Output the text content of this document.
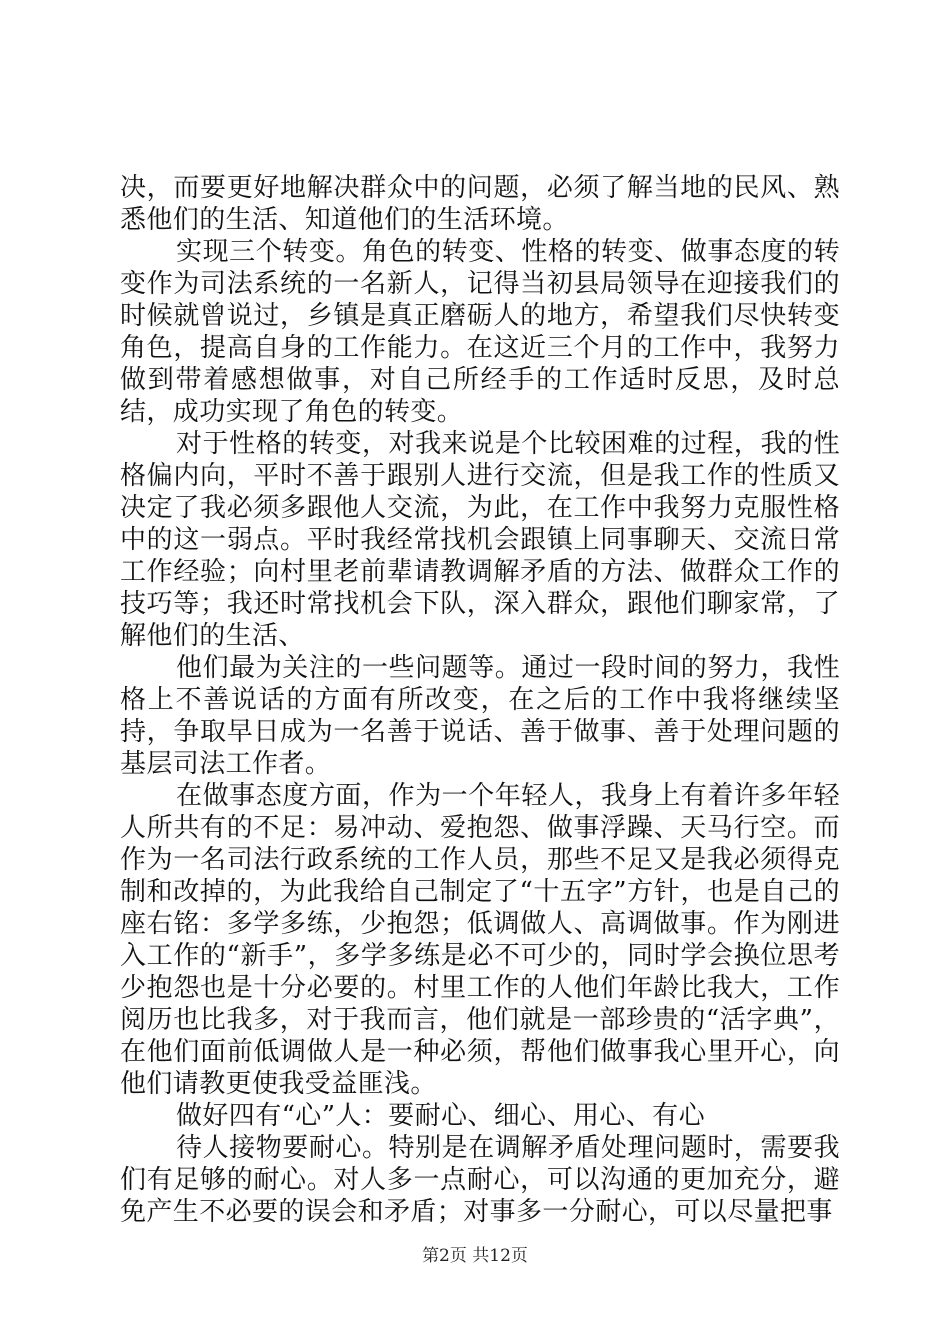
决，而要更好地解决群众中的问题，必须了解当地的民风、熟悉他们的生活、知道他们的生活环境。

实现三个转变。角色的转变、性格的转变、做事态度的转变作为司法系统的一名新人，记得当初县局领导在迎接我们的时候就曾说过，乡镇是真正磨砺人的地方，希望我们尽快转变角色，提高自身的工作能力。在这近三个月的工作中，我努力做到带着感想做事，对自己所经手的工作适时反思，及时总结，成功实现了角色的转变。

对于性格的转变，对我来说是个比较困难的过程，我的性格偏内向，平时不善于跟别人进行交流，但是我工作的性质又决定了我必须多跟他人交流，为此，在工作中我努力克服性格中的这一弱点。平时我经常找机会跟镇上同事聊天、交流日常工作经验；向村里老前辈请教调解矛盾的方法、做群众工作的技巧等；我还时常找机会下队，深入群众，跟他们聊家常，了解他们的生活、

他们最为关注的一些问题等。通过一段时间的努力，我性格上不善说话的方面有所改变，在之后的工作中我将继续坚持，争取早日成为一名善于说话、善于做事、善于处理问题的基层司法工作者。

在做事态度方面，作为一个年轻人，我身上有着许多年轻人所共有的不足：易冲动、爱抱怨、做事浮躁、天马行空。而作为一名司法行政系统的工作人员，那些不足又是我必须得克制和改掉的，为此我给自己制定了“十五字”方针，也是自己的座右铭：多学多练，少抱怨；低调做人、高调做事。作为刚进入工作的“新手”，多学多练是必不可少的，同时学会换位思考少抱怨也是十分必要的。村里工作的人他们年龄比我大，工作阅历也比我多，对于我而言，他们就是一部珍贵的“活字典”，在他们面前低调做人是一种必须，帮他们做事我心里开心，向他们请教更使我受益匪浅。

做好四有“心”人：要耐心、细心、用心、有心

待人接物要耐心。特别是在调解矛盾处理问题时，需要我们有足够的耐心。对人多一点耐心，可以沟通的更加充分，避免产生不必要的误会和矛盾；对事多一分耐心，可以尽量把事

第2页 共12页
